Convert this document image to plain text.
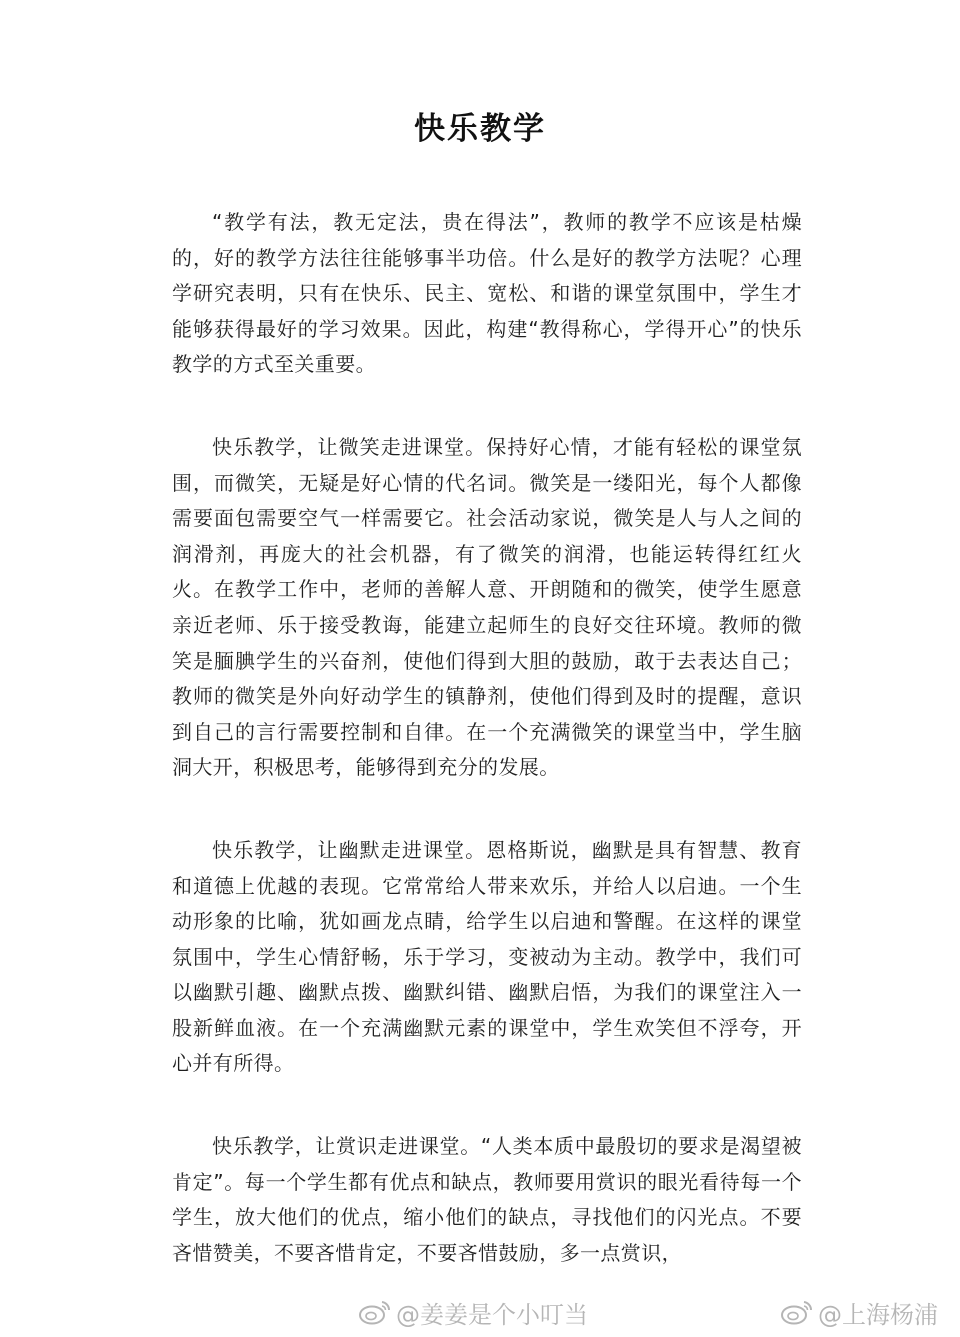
快乐教学

“教学有法，教无定法，贵在得法”，教师的教学不应该是枯燥的，好的教学方法往往能够事半功倍。什么是好的教学方法呢？心理学研究表明，只有在快乐、民主、宽松、和谐的课堂氛围中，学生才能够获得最好的学习效果。因此，构建“教得称心，学得开心”的快乐教学的方式至关重要。

快乐教学，让微笑走进课堂。保持好心情，才能有轻松的课堂氛围，而微笑，无疑是好心情的代名词。微笑是一缕阳光，每个人都像需要面包需要空气一样需要它。社会活动家说，微笑是人与人之间的润滑剂，再庞大的社会机器，有了微笑的润滑，也能运转得红红火火。在教学工作中，老师的善解人意、开朗随和的微笑，使学生愿意亲近老师、乐于接受教诲，能建立起师生的良好交往环境。教师的微笑是腼腆学生的兴奋剂，使他们得到大胆的鼓励，敢于去表达自己；教师的微笑是外向好动学生的镇静剂，使他们得到及时的提醒，意识到自己的言行需要控制和自律。在一个充满微笑的课堂当中，学生脑洞大开，积极思考，能够得到充分的发展。

快乐教学，让幽默走进课堂。恩格斯说，幽默是具有智慧、教育和道德上优越的表现。它常常给人带来欢乐，并给人以启迪。一个生动形象的比喻，犹如画龙点睛，给学生以启迪和警醒。在这样的课堂氛围中，学生心情舒畅，乐于学习，变被动为主动。教学中，我们可以幽默引趣、幽默点拨、幽默纠错、幽默启悟，为我们的课堂注入一股新鲜血液。在一个充满幽默元素的课堂中，学生欢笑但不浮夸，开心并有所得。

快乐教学，让赏识走进课堂。“人类本质中最殷切的要求是渴望被肯定”。每一个学生都有优点和缺点，教师要用赏识的眼光看待每一个学生，放大他们的优点，缩小他们的缺点，寻找他们的闪光点。不要吝惜赞美，不要吝惜肯定，不要吝惜鼓励，多一点赏识，

@姜姜是个小叮当	@上海杨浦
